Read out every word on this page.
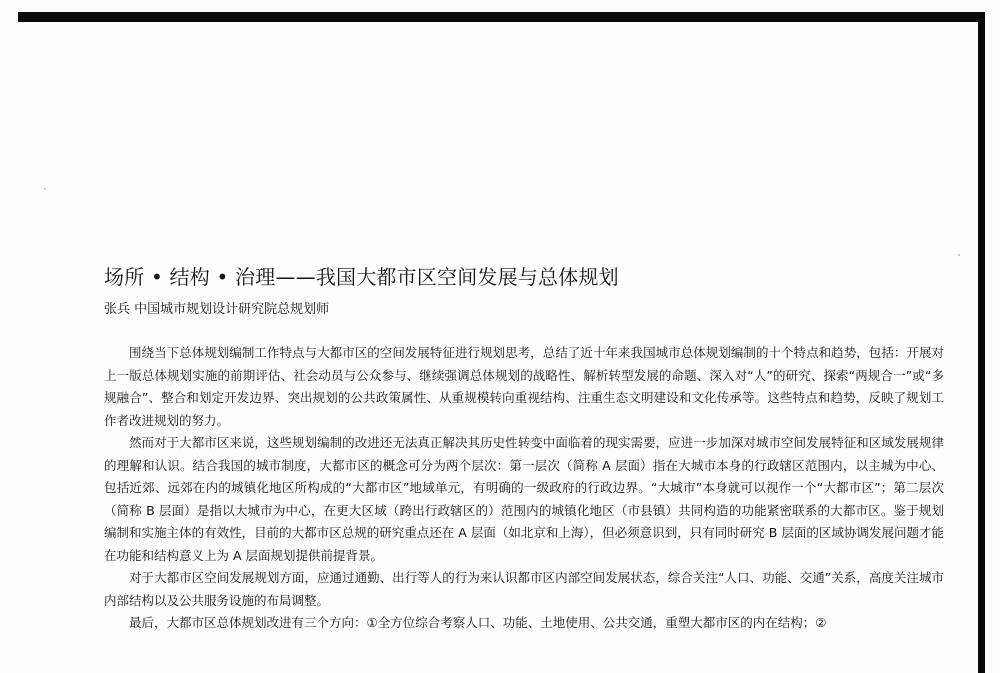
场所 • 结构 • 治理——我国大都市区空间发展与总体规划
张兵 中国城市规划设计研究院总规划师

围绕当下总体规划编制工作特点与大都市区的空间发展特征进行规划思考，总结了近十年来我国城市总体规划编制的十个特点和趋势，包括：开展对上一版总体规划实施的前期评估、社会动员与公众参与、继续强调总体规划的战略性、解析转型发展的命题、深入对“人”的研究、探索“两规合一”或“多规融合”、整合和划定开发边界、突出规划的公共政策属性、从重规模转向重视结构、注重生态文明建设和文化传承等。这些特点和趋势，反映了规划工作者改进规划的努力。

然而对于大都市区来说，这些规划编制的改进还无法真正解决其历史性转变中面临着的现实需要，应进一步加深对城市空间发展特征和区域发展规律的理解和认识。结合我国的城市制度，大都市区的概念可分为两个层次：第一层次（简称 A 层面）指在大城市本身的行政辖区范围内，以主城为中心、包括近郊、远郊在内的城镇化地区所构成的“大都市区”地域单元，有明确的一级政府的行政边界。“大城市”本身就可以视作一个“大都市区”；第二层次（简称 B 层面）是指以大城市为中心，在更大区域（跨出行政辖区的）范围内的城镇化地区（市县镇）共同构造的功能紧密联系的大都市区。鉴于规划编制和实施主体的有效性，目前的大都市区总规的研究重点还在 A 层面（如北京和上海），但必须意识到，只有同时研究 B 层面的区域协调发展问题才能在功能和结构意义上为 A 层面规划提供前提背景。

对于大都市区空间发展规划方面，应通过通勤、出行等人的行为来认识都市区内部空间发展状态，综合关注“人口、功能、交通”关系，高度关注城市内部结构以及公共服务设施的布局调整。

最后，大都市区总体规划改进有三个方向：①全方位综合考察人口、功能、土地使用、公共交通，重塑大都市区的内在结构；②
